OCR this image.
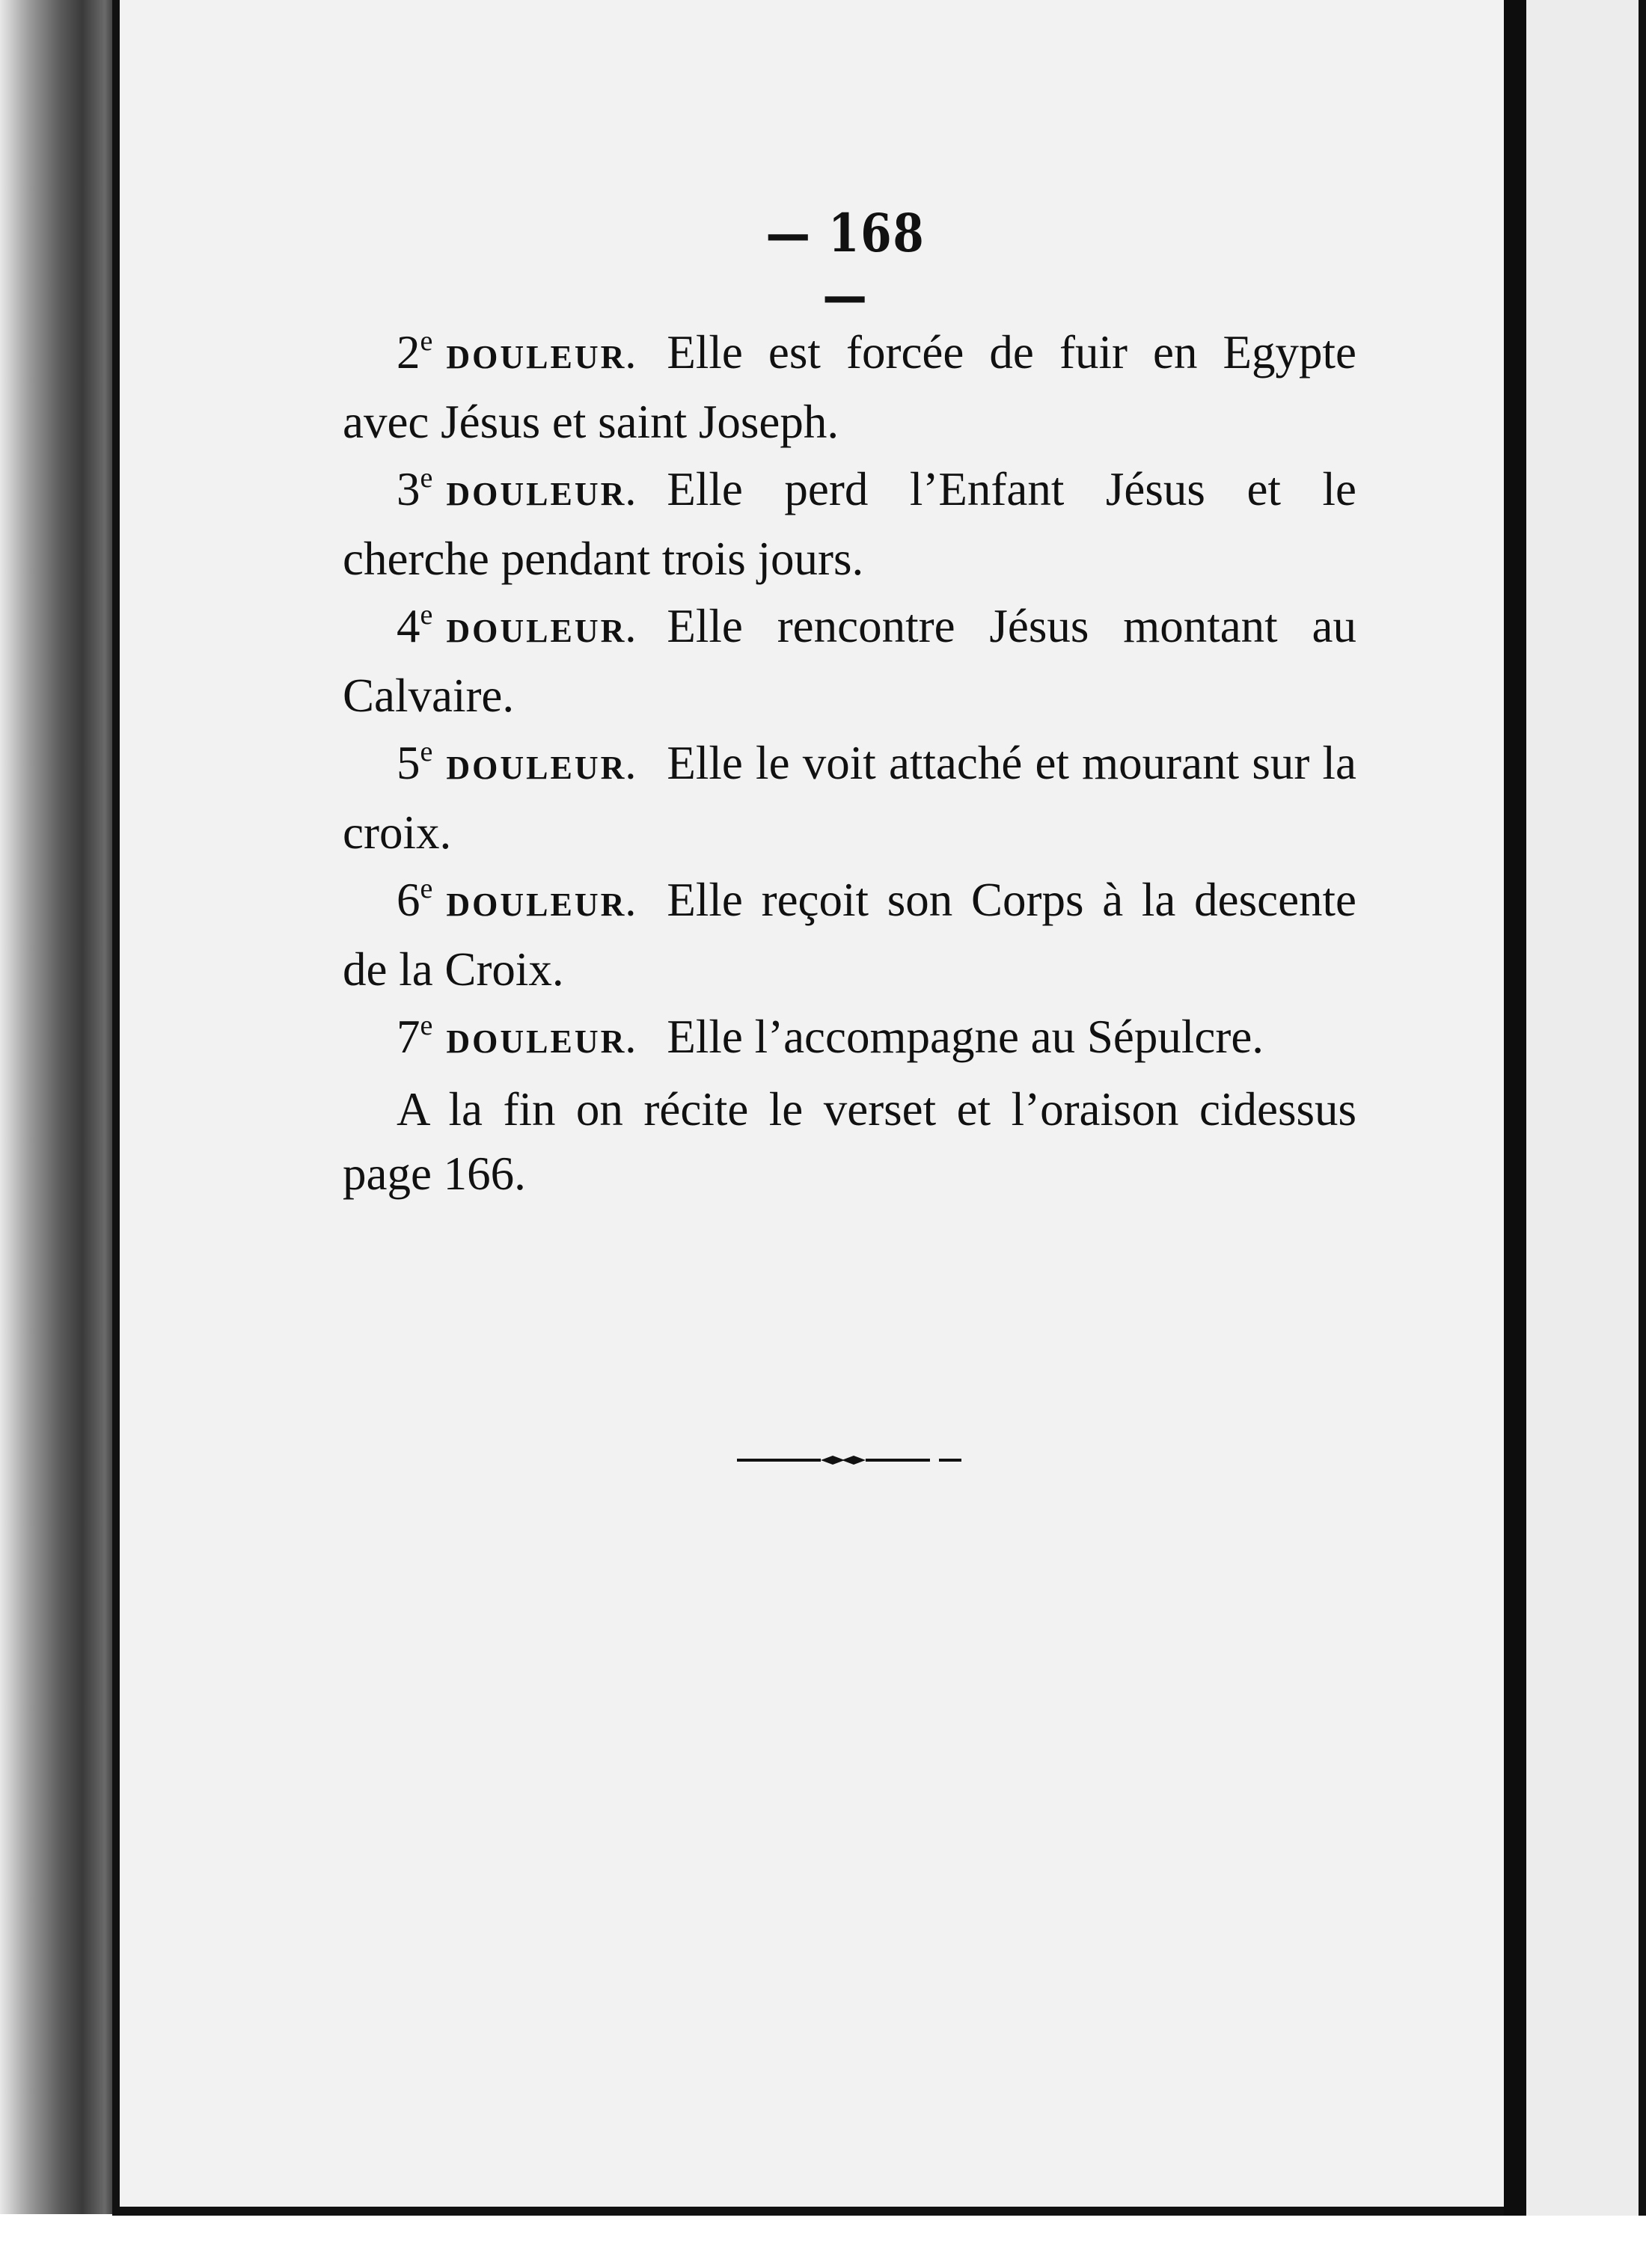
— 168 —

2e DOULEUR. Elle est forcée de fuir en Egypte avec Jésus et saint Joseph.

3e DOULEUR. Elle perd l’Enfant Jésus et le cherche pendant trois jours.

4e DOULEUR. Elle rencontre Jésus montant au Calvaire.

5e DOULEUR. Elle le voit attaché et mourant sur la croix.

6e DOULEUR. Elle reçoit son Corps à la descente de la Croix.

7e DOULEUR. Elle l’accompagne au Sépulcre.

A la fin on récite le verset et l’oraison cidessus page 166.
